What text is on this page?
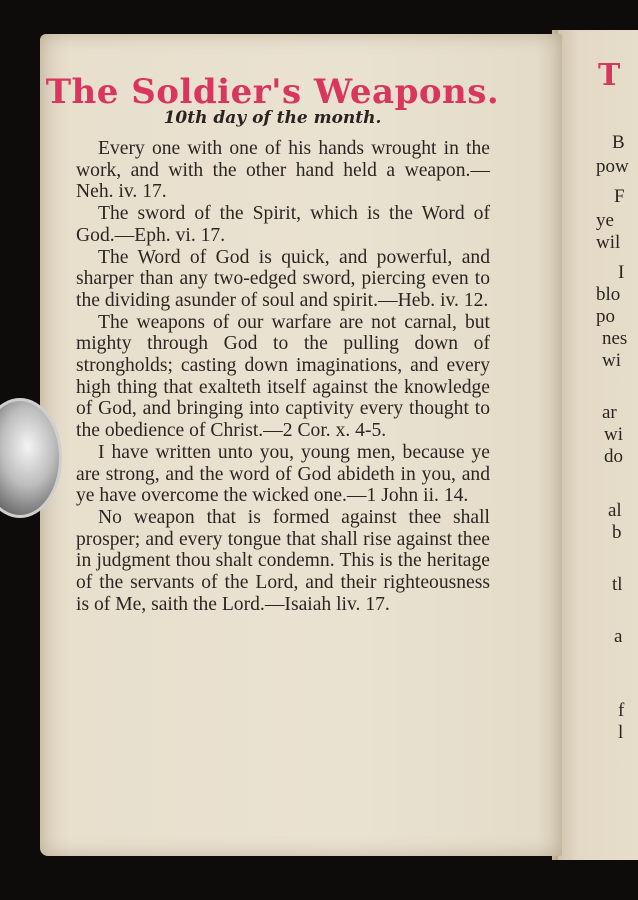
The Soldier's Weapons.
10th day of the month.

Every one with one of his hands wrought in the work, and with the other hand held a weapon.—Neh. iv. 17.

The sword of the Spirit, which is the Word of God.—Eph. vi. 17.

The Word of God is quick, and powerful, and sharper than any two-edged sword, piercing even to the dividing asunder of soul and spirit.—Heb. iv. 12.

The weapons of our warfare are not carnal, but mighty through God to the pulling down of strongholds; casting down imaginations, and every high thing that exalteth itself against the knowledge of God, and bringing into captivity every thought to the obedience of Christ.—2 Cor. x. 4-5.

I have written unto you, young men, because ye are strong, and the word of God abideth in you, and ye have overcome the wicked one.—1 John ii. 14.

No weapon that is formed against thee shall prosper; and every tongue that shall rise against thee in judgment thou shalt condemn. This is the heritage of the servants of the Lord, and their righteousness is of Me, saith the Lord.—Isaiah liv. 17.

T
B
pow
F
ye
wil
I
blo
po
nes
wi
ar
wi
do
al
b
tl
a
f
l
